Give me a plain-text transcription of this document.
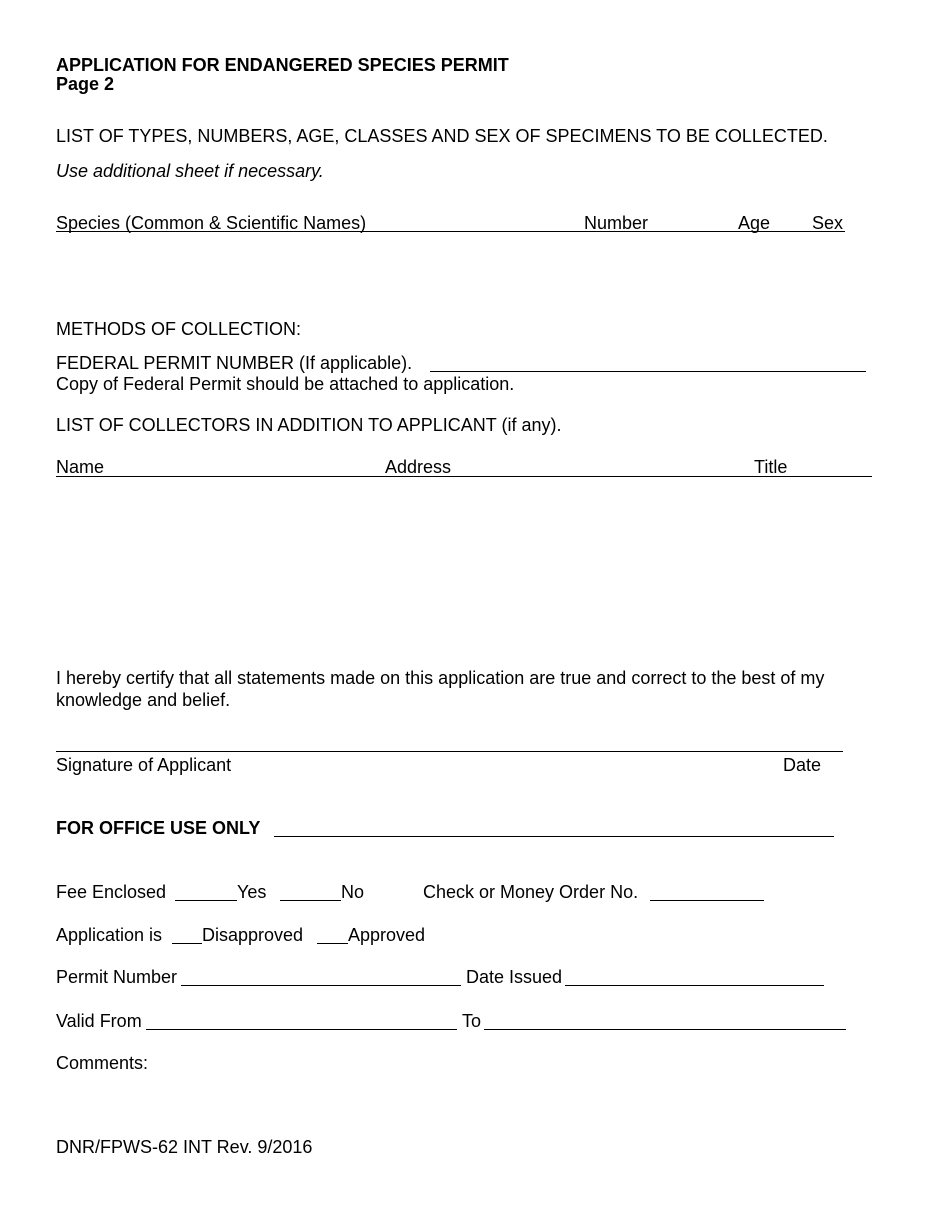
APPLICATION FOR ENDANGERED SPECIES PERMIT
Page 2
LIST OF TYPES, NUMBERS, AGE, CLASSES AND SEX OF SPECIMENS TO BE COLLECTED.
Use additional sheet if necessary.
Species (Common & Scientific Names)	Number	Age Sex
METHODS OF COLLECTION:
FEDERAL PERMIT NUMBER (If applicable).
Copy of Federal Permit should be attached to application.
LIST OF COLLECTORS IN ADDITION TO APPLICANT (if any).
Name	Address	Title
I hereby certify that all statements made on this application are true and correct to the best of my
knowledge and belief.
Signature of Applicant	Date
FOR OFFICE USE ONLY
Fee Enclosed	Yes	No	Check or Money Order No.
Application is Disapproved Approved
Permit Number	Date Issued
Valid From	To
Comments:
DNR/FPWS-62 INT Rev. 9/2016
